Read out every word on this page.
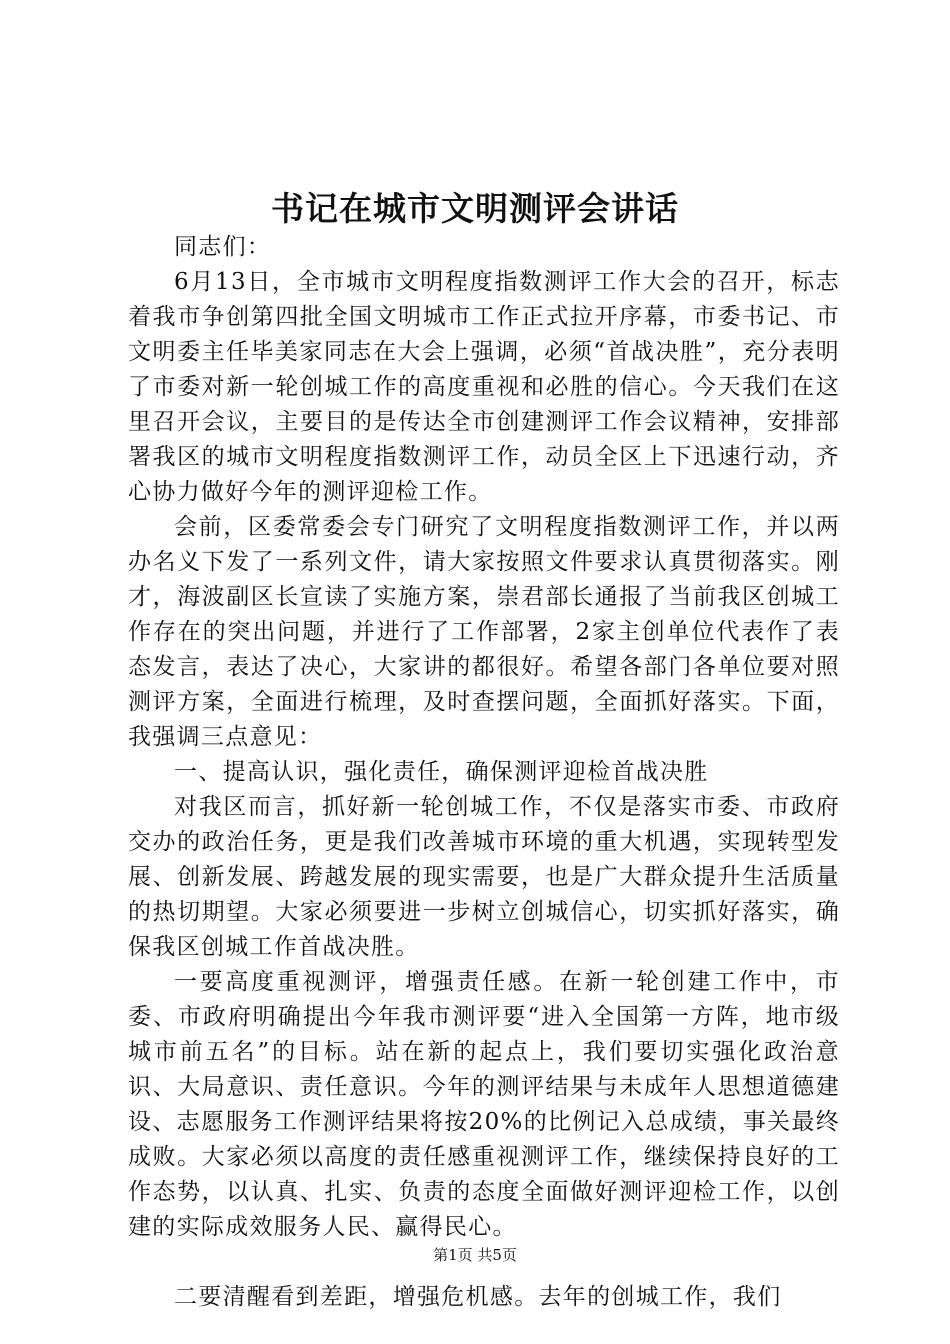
书记在城市文明测评会讲话

同志们：

6月13日，全市城市文明程度指数测评工作大会的召开，标志着我市争创第四批全国文明城市工作正式拉开序幕，市委书记、市文明委主任毕美家同志在大会上强调，必须“首战决胜”，充分表明了市委对新一轮创城工作的高度重视和必胜的信心。今天我们在这里召开会议，主要目的是传达全市创建测评工作会议精神，安排部署我区的城市文明程度指数测评工作，动员全区上下迅速行动，齐心协力做好今年的测评迎检工作。

会前，区委常委会专门研究了文明程度指数测评工作，并以两办名义下发了一系列文件，请大家按照文件要求认真贯彻落实。刚才，海波副区长宣读了实施方案，崇君部长通报了当前我区创城工作存在的突出问题，并进行了工作部署，2家主创单位代表作了表态发言，表达了决心，大家讲的都很好。希望各部门各单位要对照测评方案，全面进行梳理，及时查摆问题，全面抓好落实。下面，我强调三点意见：

一、提高认识，强化责任，确保测评迎检首战决胜

对我区而言，抓好新一轮创城工作，不仅是落实市委、市政府交办的政治任务，更是我们改善城市环境的重大机遇，实现转型发展、创新发展、跨越发展的现实需要，也是广大群众提升生活质量的热切期望。大家必须要进一步树立创城信心，切实抓好落实，确保我区创城工作首战决胜。

一要高度重视测评，增强责任感。在新一轮创建工作中，市委、市政府明确提出今年我市测评要“进入全国第一方阵，地市级城市前五名”的目标。站在新的起点上，我们要切实强化政治意识、大局意识、责任意识。今年的测评结果与未成年人思想道德建设、志愿服务工作测评结果将按20%的比例记入总成绩，事关最终成败。大家必须以高度的责任感重视测评工作，继续保持良好的工作态势，以认真、扎实、负责的态度全面做好测评迎检工作，以创建的实际成效服务人民、赢得民心。

二要清醒看到差距，增强危机感。去年的创城工作，我们

第1页 共5页
